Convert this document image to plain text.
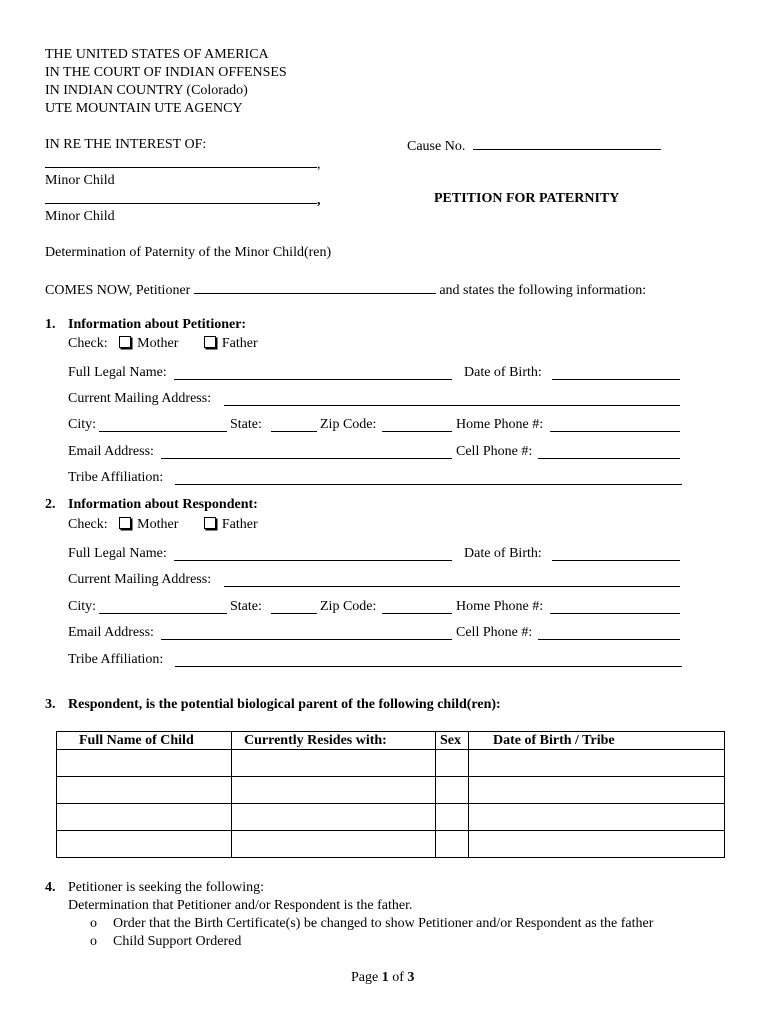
THE UNITED STATES OF AMERICA
IN THE COURT OF INDIAN OFFENSES
IN INDIAN COUNTRY (Colorado)
UTE MOUNTAIN UTE AGENCY
IN RE THE INTEREST OF:	Cause No.
,
Minor Child
,	PETITION FOR PATERNITY
Minor Child
Determination of Paternity of the Minor Child(ren)
COMES NOW, Petitioner	and states the following information:
1. Information about Petitioner:
Check: Mother	Father
Full Legal Name:	Date of Birth:
Current Mailing Address:
City:	State:	Zip Code:	Home Phone #:
Email Address:	Cell Phone #:
Tribe Affiliation:
2. Information about Respondent:
Check: Mother	Father
Full Legal Name:	Date of Birth:
Current Mailing Address:
City:	State:	Zip Code:	Home Phone #:
Email Address:	Cell Phone #:
Tribe Affiliation:
3. Respondent, is the potential biological parent of the following child(ren):
Full Name of Child	Currently Resides with:	Sex	Date of Birth / Tribe

4. Petitioner is seeking the following:
Determination that Petitioner and/or Respondent is the father.
o Order that the Birth Certificate(s) be changed to show Petitioner and/or Respondent as the father
o Child Support Ordered
Page 1 of 3
